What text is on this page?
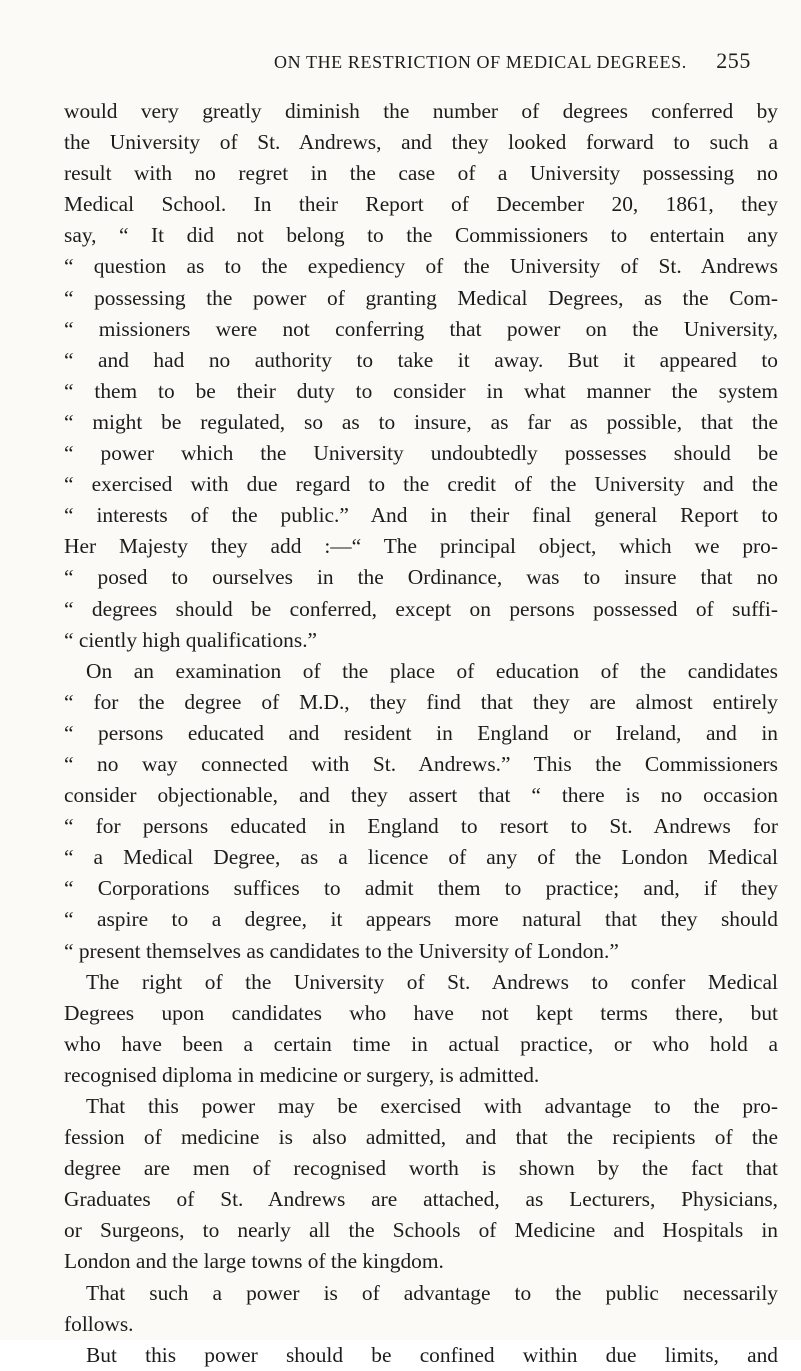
ON THE RESTRICTION OF MEDICAL DEGREES.	255
would very greatly diminish the number of degrees conferred by
the University of St. Andrews, and they looked forward to such a
result with no regret in the case of a University possessing no
Medical School. In their Report of December 20, 1861, they
say, “ It did not belong to the Commissioners to entertain any
“ question as to the expediency of the University of St. Andrews
“ possessing the power of granting Medical Degrees, as the Com-
“ missioners were not conferring that power on the University,
“ and had no authority to take it away. But it appeared to
“ them to be their duty to consider in what manner the system
“ might be regulated, so as to insure, as far as possible, that the
“ power which the University undoubtedly possesses should be
“ exercised with due regard to the credit of the University and the
“ interests of the public.” And in their final general Report to
Her Majesty they add :—“ The principal object, which we pro-
“ posed to ourselves in the Ordinance, was to insure that no
“ degrees should be conferred, except on persons possessed of suffi-
“ ciently high qualifications.”
On an examination of the place of education of the candidates
“ for the degree of M.D., they find that they are almost entirely
“ persons educated and resident in England or Ireland, and in
“ no way connected with St. Andrews.” This the Commissioners
consider objectionable, and they assert that “ there is no occasion
“ for persons educated in England to resort to St. Andrews for
“ a Medical Degree, as a licence of any of the London Medical
“ Corporations suffices to admit them to practice; and, if they
“ aspire to a degree, it appears more natural that they should
“ present themselves as candidates to the University of London.”
The right of the University of St. Andrews to confer Medical
Degrees upon candidates who have not kept terms there, but
who have been a certain time in actual practice, or who hold a
recognised diploma in medicine or surgery, is admitted.
That this power may be exercised with advantage to the pro-
fession of medicine is also admitted, and that the recipients of the
degree are men of recognised worth is shown by the fact that
Graduates of St. Andrews are attached, as Lecturers, Physicians,
or Surgeons, to nearly all the Schools of Medicine and Hospitals in
London and the large towns of the kingdom.
That such a power is of advantage to the public necessarily
follows.
But this power should be confined within due limits, and
